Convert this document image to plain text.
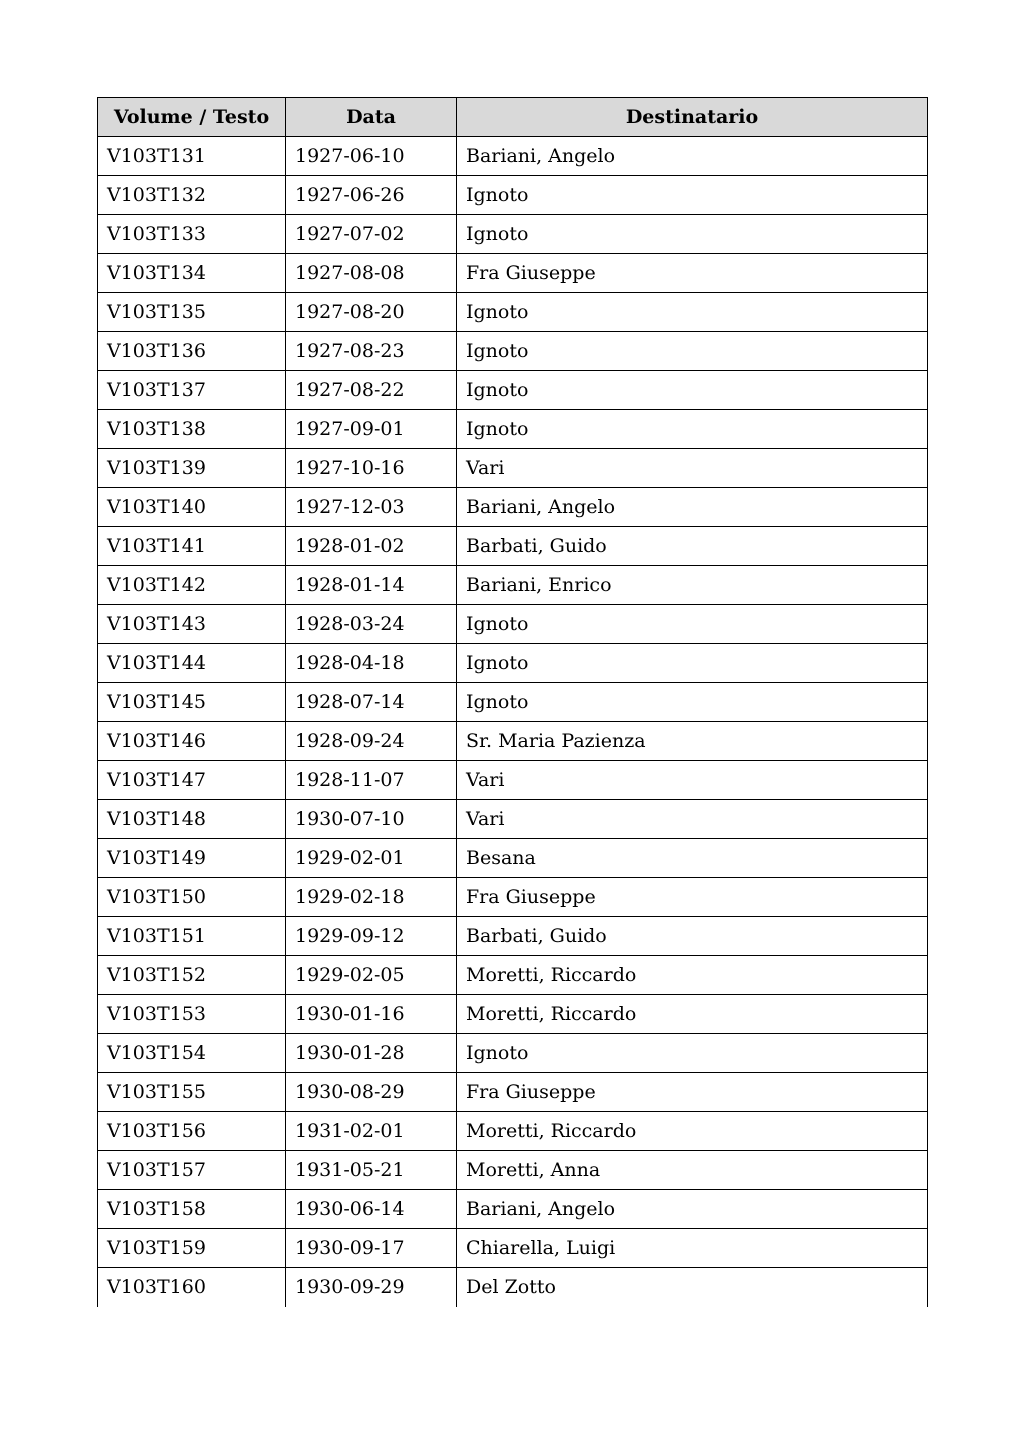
Volume / Testo	Data	Destinatario
V103T131	1927-06-10	Bariani, Angelo
V103T132	1927-06-26	Ignoto
V103T133	1927-07-02	Ignoto
V103T134	1927-08-08	Fra Giuseppe
V103T135	1927-08-20	Ignoto
V103T136	1927-08-23	Ignoto
V103T137	1927-08-22	Ignoto
V103T138	1927-09-01	Ignoto
V103T139	1927-10-16	Vari
V103T140	1927-12-03	Bariani, Angelo
V103T141	1928-01-02	Barbati, Guido
V103T142	1928-01-14	Bariani, Enrico
V103T143	1928-03-24	Ignoto
V103T144	1928-04-18	Ignoto
V103T145	1928-07-14	Ignoto
V103T146	1928-09-24	Sr. Maria Pazienza
V103T147	1928-11-07	Vari
V103T148	1930-07-10	Vari
V103T149	1929-02-01	Besana
V103T150	1929-02-18	Fra Giuseppe
V103T151	1929-09-12	Barbati, Guido
V103T152	1929-02-05	Moretti, Riccardo
V103T153	1930-01-16	Moretti, Riccardo
V103T154	1930-01-28	Ignoto
V103T155	1930-08-29	Fra Giuseppe
V103T156	1931-02-01	Moretti, Riccardo
V103T157	1931-05-21	Moretti, Anna
V103T158	1930-06-14	Bariani, Angelo
V103T159	1930-09-17	Chiarella, Luigi
V103T160	1930-09-29	Del Zotto
